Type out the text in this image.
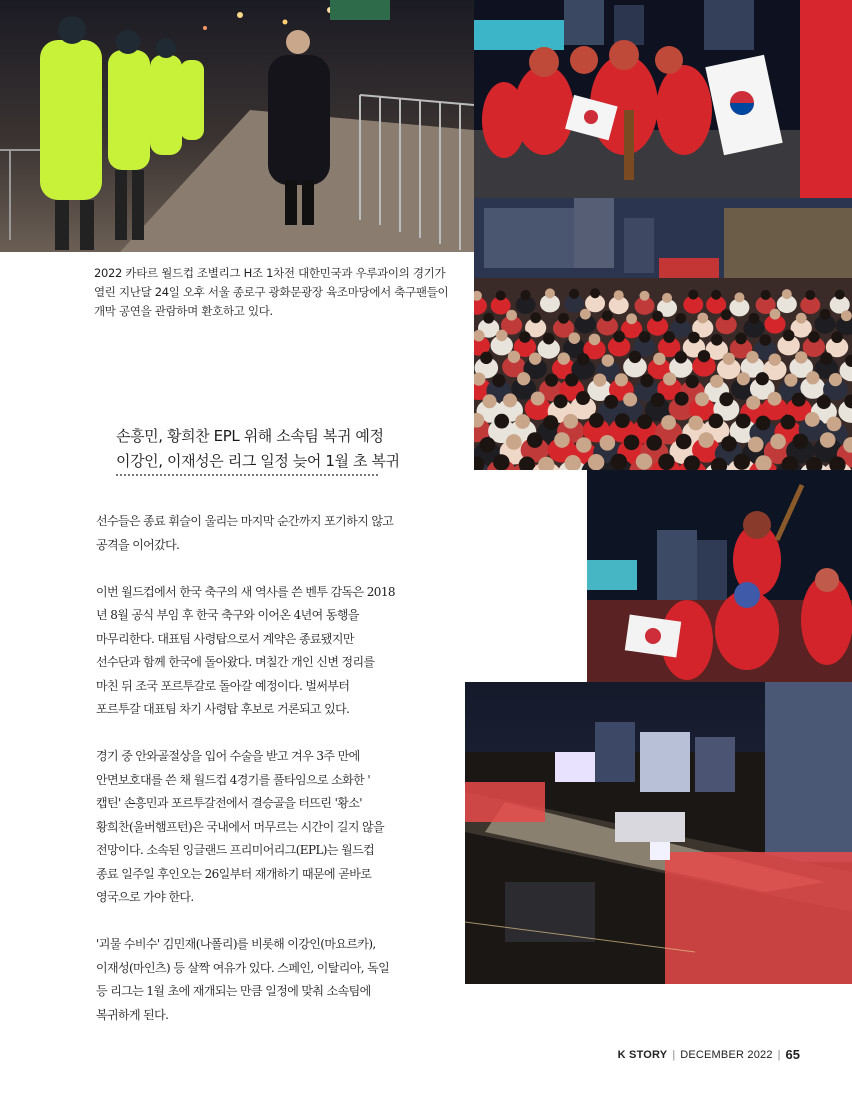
2022 카타르 월드컵 조별리그 H조 1차전 대한민국과 우루과이의 경기가
열린 지난달 24일 오후 서울 종로구 광화문광장 육조마당에서 축구팬들이
개막 공연을 관람하며 환호하고 있다.
손흥민, 황희찬 EPL 위해 소속팀 복귀 예정
이강인, 이재성은 리그 일정 늦어 1월 초 복귀
선수들은 종료 휘슬이 울리는 마지막 순간까지 포기하지 않고
공격을 이어갔다.
이번 월드컵에서 한국 축구의 새 역사를 쓴 벤투 감독은 2018
년 8월 공식 부임 후 한국 축구와 이어온 4년여 동행을
마무리한다. 대표팀 사령탑으로서 계약은 종료됐지만
선수단과 함께 한국에 돌아왔다. 며칠간 개인 신변 정리를
마친 뒤 조국 포르투갈로 돌아갈 예정이다. 벌써부터
포르투갈 대표팀 차기 사령탑 후보로 거론되고 있다.
경기 중 안와골절상을 입어 수술을 받고 겨우 3주 만에
안면보호대를 쓴 채 월드컵 4경기를 풀타임으로 소화한 '
캡틴' 손흥민과 포르투갈전에서 결승골을 터뜨린 '황소'
황희찬(울버햄프턴)은 국내에서 머무르는 시간이 길지 않을
전망이다. 소속된 잉글랜드 프리미어리그(EPL)는 월드컵
종료 일주일 후인오는 26일부터 재개하기 때문에 곧바로
영국으로 가야 한다.
'괴물 수비수' 김민재(나폴리)를 비롯해 이강인(마요르카),
이재성(마인츠) 등 살짝 여유가 있다. 스페인, 이탈리아, 독일
등 리그는 1월 초에 재개되는 만큼 일정에 맞춰 소속팀에
복귀하게 된다.
K STORY | DECEMBER 2022 | 65
